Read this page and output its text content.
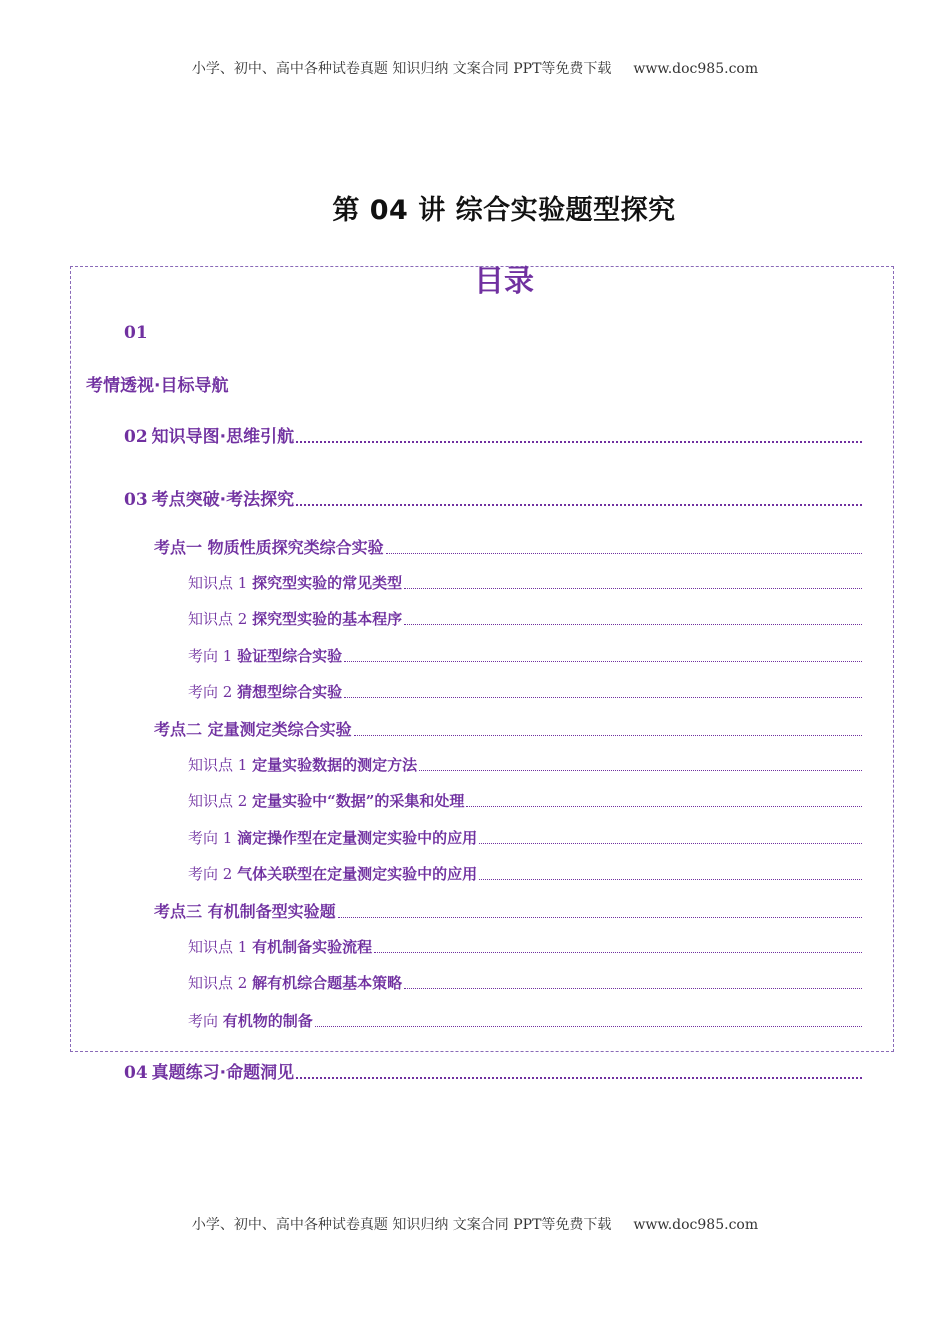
小学、初中、高中各种试卷真题 知识归纳 文案合同 PPT等免费下载 www.doc985.com
第 04 讲 综合实验题型探究
目录
01
考情透视·目标导航
02 知识导图·思维引航
03 考点突破·考法探究
考点一 物质性质探究类综合实验
知识点 1 探究型实验的常见类型
知识点 2 探究型实验的基本程序
考向 1 验证型综合实验
考向 2 猜想型综合实验
考点二 定量测定类综合实验
知识点 1 定量实验数据的测定方法
知识点 2 定量实验中“数据”的采集和处理
考向 1 滴定操作型在定量测定实验中的应用
考向 2 气体关联型在定量测定实验中的应用
考点三 有机制备型实验题
知识点 1 有机制备实验流程
知识点 2 解有机综合题基本策略
考向 有机物的制备
04 真题练习·命题洞见
小学、初中、高中各种试卷真题 知识归纳 文案合同 PPT等免费下载 www.doc985.com
